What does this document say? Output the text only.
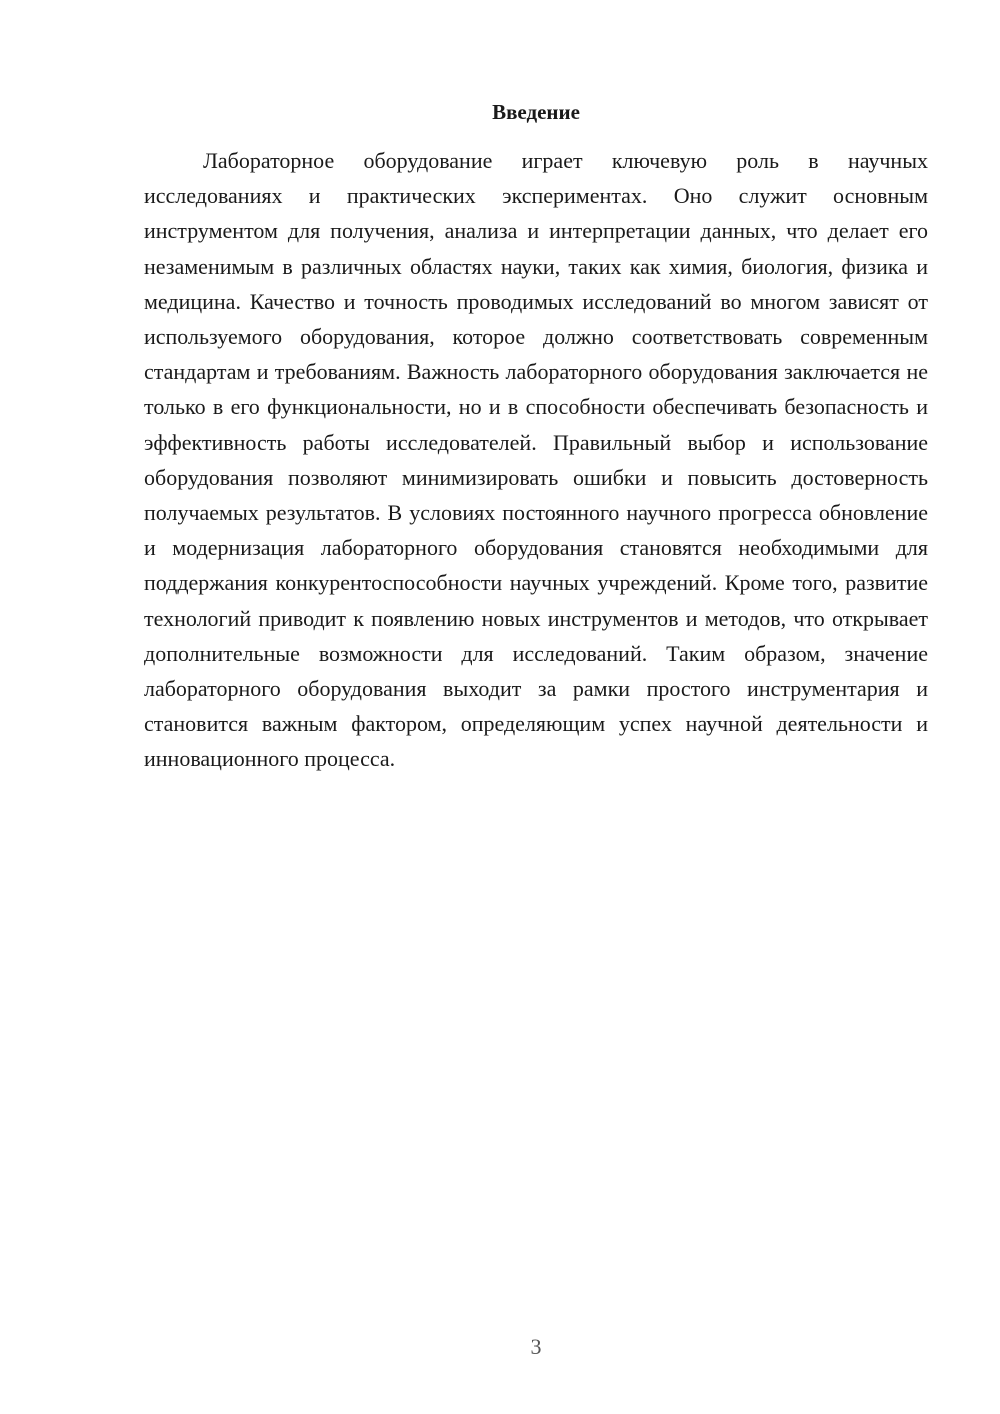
Введение

Лабораторное оборудование играет ключевую роль в научных исследованиях и практических экспериментах. Оно служит основным инструментом для получения, анализа и интерпретации данных, что делает его незаменимым в различных областях науки, таких как химия, биология, физика и медицина. Качество и точность проводимых исследований во многом зависят от используемого оборудования, которое должно соответствовать современным стандартам и требованиям. Важность лабораторного оборудования заключается не только в его функциональности, но и в способности обеспечивать безопасность и эффективность работы исследователей. Правильный выбор и использование оборудования позволяют минимизировать ошибки и повысить достоверность получаемых результатов. В условиях постоянного научного прогресса обновление и модернизация лабораторного оборудования становятся необходимыми для поддержания конкурентоспособности научных учреждений. Кроме того, развитие технологий приводит к появлению новых инструментов и методов, что открывает дополнительные возможности для исследований. Таким образом, значение лабораторного оборудования выходит за рамки простого инструментария и становится важным фактором, определяющим успех научной деятельности и инновационного процесса.

3
